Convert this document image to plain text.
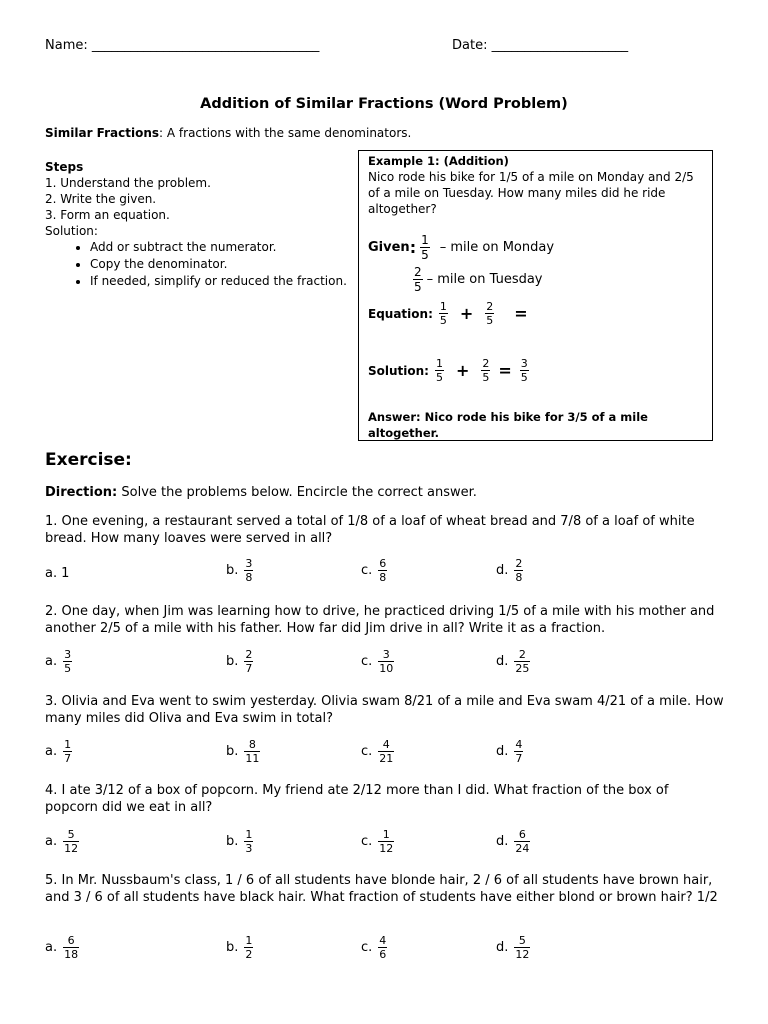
Name: ___________________________________	Date: _____________________
Addition of Similar Fractions (Word Problem)
Similar Fractions: A fractions with the same denominators.
Steps
1. Understand the problem.
2. Write the given.
3. Form an equation.
Solution:
• Add or subtract the numerator.
• Copy the denominator.
• If needed, simplify or reduced the fraction.
Example 1: (Addition)
Nico rode his bike for 1/5 of a mile on Monday and 2/5
of a mile on Tuesday. How many miles did he ride
altogether?
Given : $\frac{1}{5}$ – mile on Monday
$\frac{2}{5}$ – mile on Tuesday
Equation: $\frac{1}{5} + \frac{2}{5}$ =
Solution: $\frac{1}{5} + \frac{2}{5} = \frac{3}{5}$
Answer: Nico rode his bike for 3/5 of a mile
altogether.
Exercise:
Direction: Solve the problems below. Encircle the correct answer.
1. One evening, a restaurant served a total of 1/8 of a loaf of wheat bread and 7/8 of a loaf of white bread. How many loaves were served in all?
a. 1	b. $\frac{3}{8}$	c. $\frac{6}{8}$	d. $\frac{2}{8}$
2. One day, when Jim was learning how to drive, he practiced driving 1/5 of a mile with his mother and another 2/5 of a mile with his father. How far did Jim drive in all? Write it as a fraction.
a. $\frac{3}{5}$	b. $\frac{2}{7}$	c. $\frac{3}{10}$	d. $\frac{2}{25}$
3. Olivia and Eva went to swim yesterday. Olivia swam 8/21 of a mile and Eva swam 4/21 of a mile. How many miles did Oliva and Eva swim in total?
a. $\frac{1}{7}$	b. $\frac{8}{11}$	c. $\frac{4}{21}$	d. $\frac{4}{7}$
4. I ate 3/12 of a box of popcorn. My friend ate 2/12 more than I did. What fraction of the box of popcorn did we eat in all?
a. $\frac{5}{12}$	b. $\frac{1}{3}$	c. $\frac{1}{12}$	d. $\frac{6}{24}$
5. In Mr. Nussbaum's class, 1 / 6 of all students have blonde hair, 2 / 6 of all students have brown hair, and 3 / 6 of all students have black hair. What fraction of students have either blond or brown hair? 1/2
a. $\frac{6}{18}$	b. $\frac{1}{2}$	c. $\frac{4}{6}$	d. $\frac{5}{12}$
